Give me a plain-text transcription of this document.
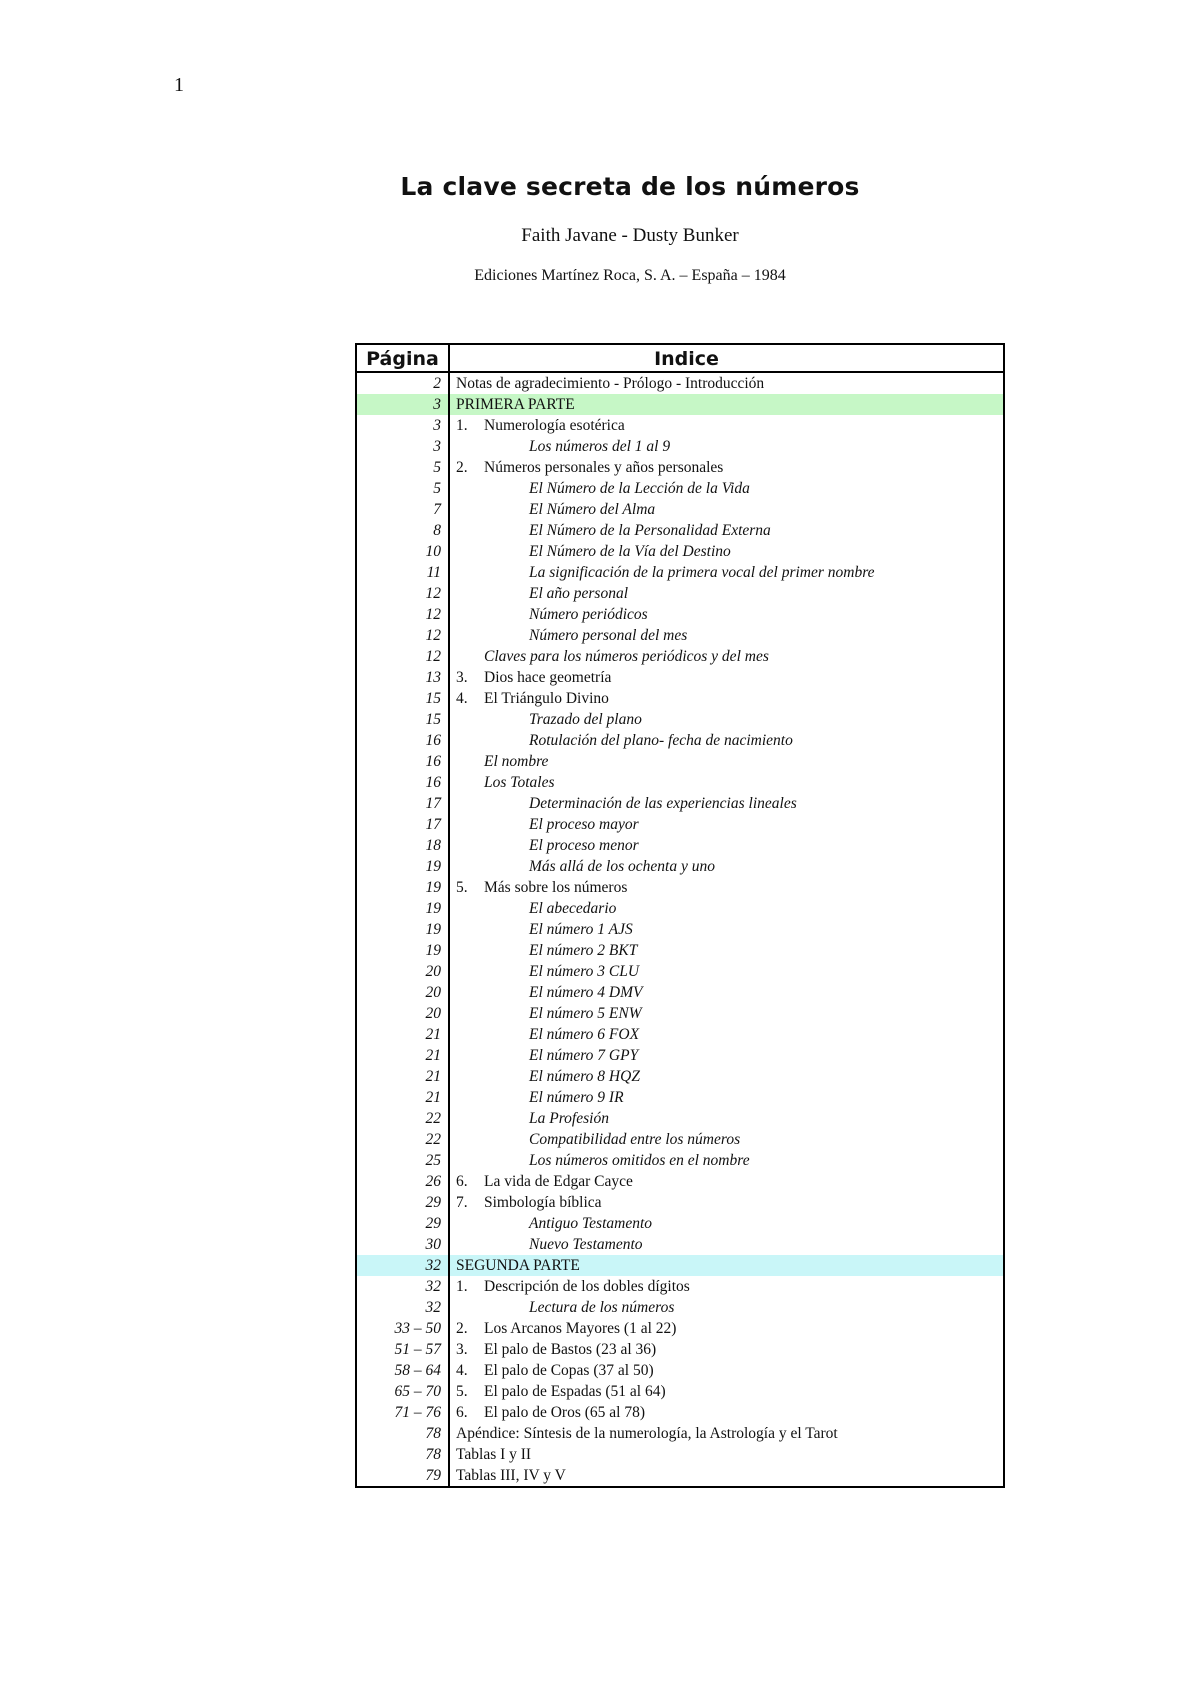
1
La clave secreta de los números
Faith Javane - Dusty Bunker
Ediciones Martínez Roca, S. A. – España – 1984
Página	Indice
2 Notas de agradecimiento - Prólogo - Introducción
3 PRIMERA PARTE
3 1. Numerología esotérica
3	Los números del 1 al 9
5 2. Números personales y años personales
5	El Número de la Lección de la Vida
7	El Número del Alma
8	El Número de la Personalidad Externa
10	El Número de la Vía del Destino
11	La significación de la primera vocal del primer nombre
12	El año personal
12	Número periódicos
12	Número personal del mes
12	Claves para los números periódicos y del mes
13 3. Dios hace geometría
15 4. El Triángulo Divino
15	Trazado del plano
16	Rotulación del plano- fecha de nacimiento
16	El nombre
16	Los Totales
17	Determinación de las experiencias lineales
17	El proceso mayor
18	El proceso menor
19	Más allá de los ochenta y uno
19 5. Más sobre los números
19	El abecedario
19	El número 1 AJS
19	El número 2 BKT
20	El número 3 CLU
20	El número 4 DMV
20	El número 5 ENW
21	El número 6 FOX
21	El número 7 GPY
21	El número 8 HQZ
21	El número 9 IR
22	La Profesión
22	Compatibilidad entre los números
25	Los números omitidos en el nombre
26 6. La vida de Edgar Cayce
29 7. Simbología bíblica
29	Antiguo Testamento
30	Nuevo Testamento
32 SEGUNDA PARTE
32 1. Descripción de los dobles dígitos
32	Lectura de los números
33 – 50 2. Los Arcanos Mayores (1 al 22)
51 – 57 3. El palo de Bastos (23 al 36)
58 – 64 4. El palo de Copas (37 al 50)
65 – 70 5. El palo de Espadas (51 al 64)
71 – 76 6. El palo de Oros (65 al 78)
78 Apéndice: Síntesis de la numerología, la Astrología y el Tarot
78 Tablas I y II
79 Tablas III, IV y V
